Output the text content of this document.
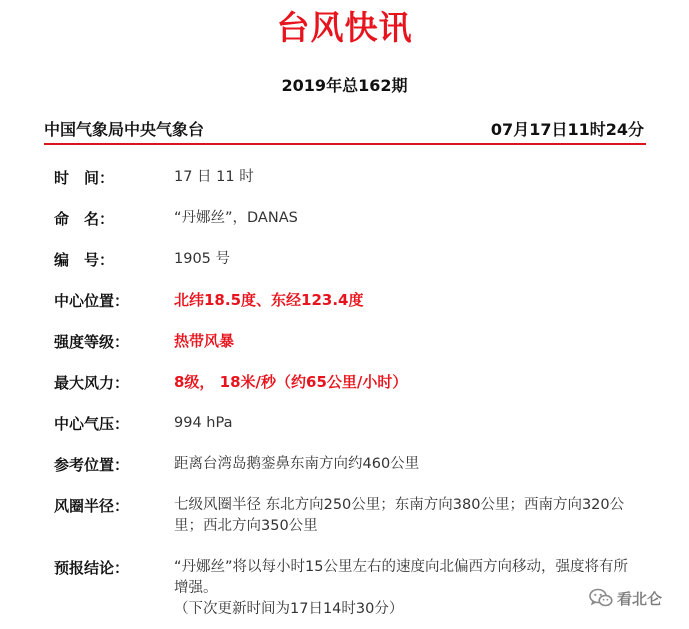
台风快讯
2019年总162期
中国气象局中央气象台	07月17日11时24分
时　间：	17 日 11 时
命　名：	“丹娜丝”，DANAS
编　号：	1905 号
中心位置：	北纬18.5度、东经123.4度
强度等级：	热带风暴
最大风力：	8级， 18米/秒（约65公里/小时）
中心气压：	994 hPa
参考位置：	距离台湾岛鹅銮鼻东南方向约460公里
风圈半径：	七级风圈半径 东北方向250公里；东南方向380公里；西南方向320公里；西北方向350公里
预报结论：	“丹娜丝”将以每小时15公里左右的速度向北偏西方向移动，强度将有所增强。
（下次更新时间为17日14时30分）
看北仑
